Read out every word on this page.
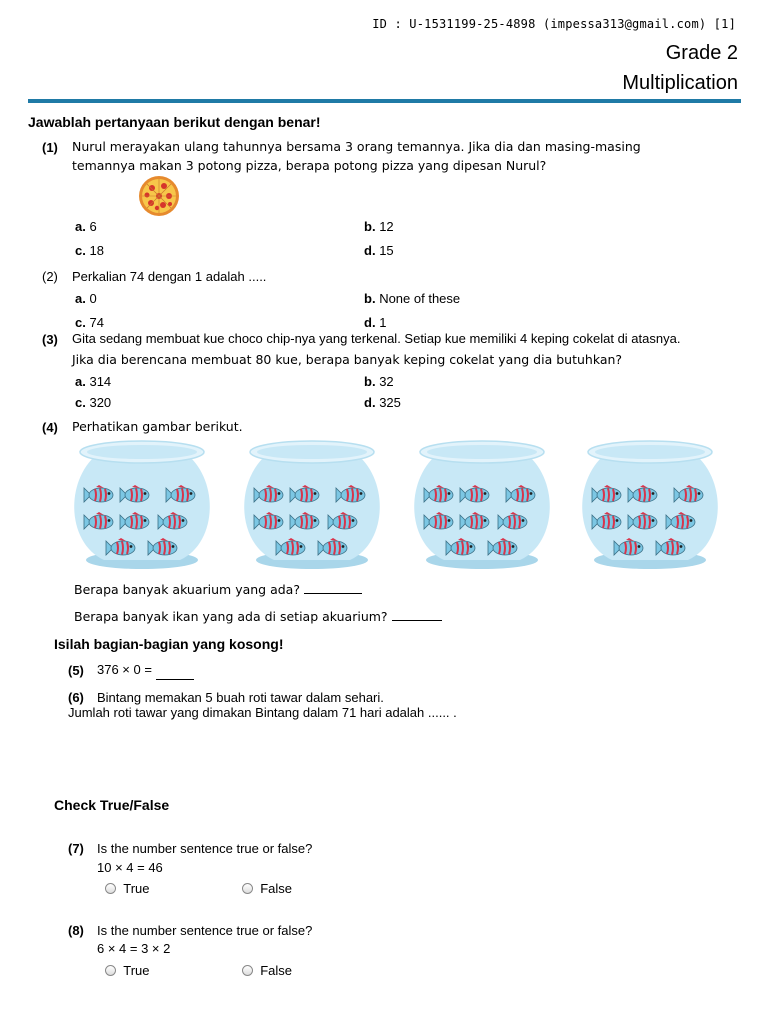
ID : U-1531199-25-4898 (impessa313@gmail.com) [1]
Grade 2
Multiplication
Jawablah pertanyaan berikut dengan benar!
(1) Nurul merayakan ulang tahunnya bersama 3 orang temannya. Jika dia dan masing-masing
temannya makan 3 potong pizza, berapa potong pizza yang dipesan Nurul?
a. 6	b. 12
c. 18	d. 15
(2) Perkalian 74 dengan 1 adalah .....
a. 0	b. None of these
c. 74	d. 1
(3) Gita sedang membuat kue choco chip-nya yang terkenal. Setiap kue memiliki 4 keping cokelat di atasnya.
Jika dia berencana membuat 80 kue, berapa banyak keping cokelat yang dia butuhkan?
a. 314	b. 32
c. 320	d. 325
(4) Perhatikan gambar berikut.
Berapa banyak akuarium yang ada?
Berapa banyak ikan yang ada di setiap akuarium?
Isilah bagian-bagian yang kosong!
(5) 376 × 0 =
(6) Bintang memakan 5 buah roti tawar dalam sehari.
Jumlah roti tawar yang dimakan Bintang dalam 71 hari adalah ...... .
Check True/False
(7) Is the number sentence true or false?
10 × 4 = 46
True	False
(8) Is the number sentence true or false?
6 × 4 = 3 × 2
True	False
